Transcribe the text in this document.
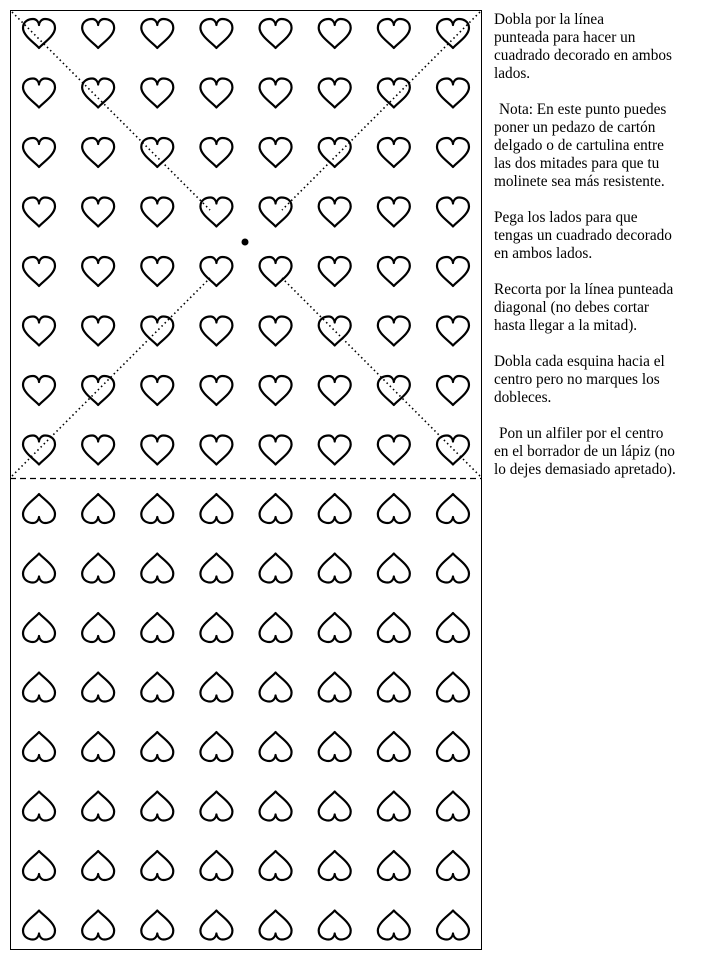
Dobla por la línea
punteada para hacer un
cuadrado decorado en ambos
lados.

Nota: En este punto puedes
poner un pedazo de cartón
delgado o de cartulina entre
las dos mitades para que tu
molinete sea más resistente.

Pega los lados para que
tengas un cuadrado decorado
en ambos lados.

Recorta por la línea punteada
diagonal (no debes cortar
hasta llegar a la mitad).

Dobla cada esquina hacia el
centro pero no marques los
dobleces.

Pon un alfiler por el centro
en el borrador de un lápiz (no
lo dejes demasiado apretado).
